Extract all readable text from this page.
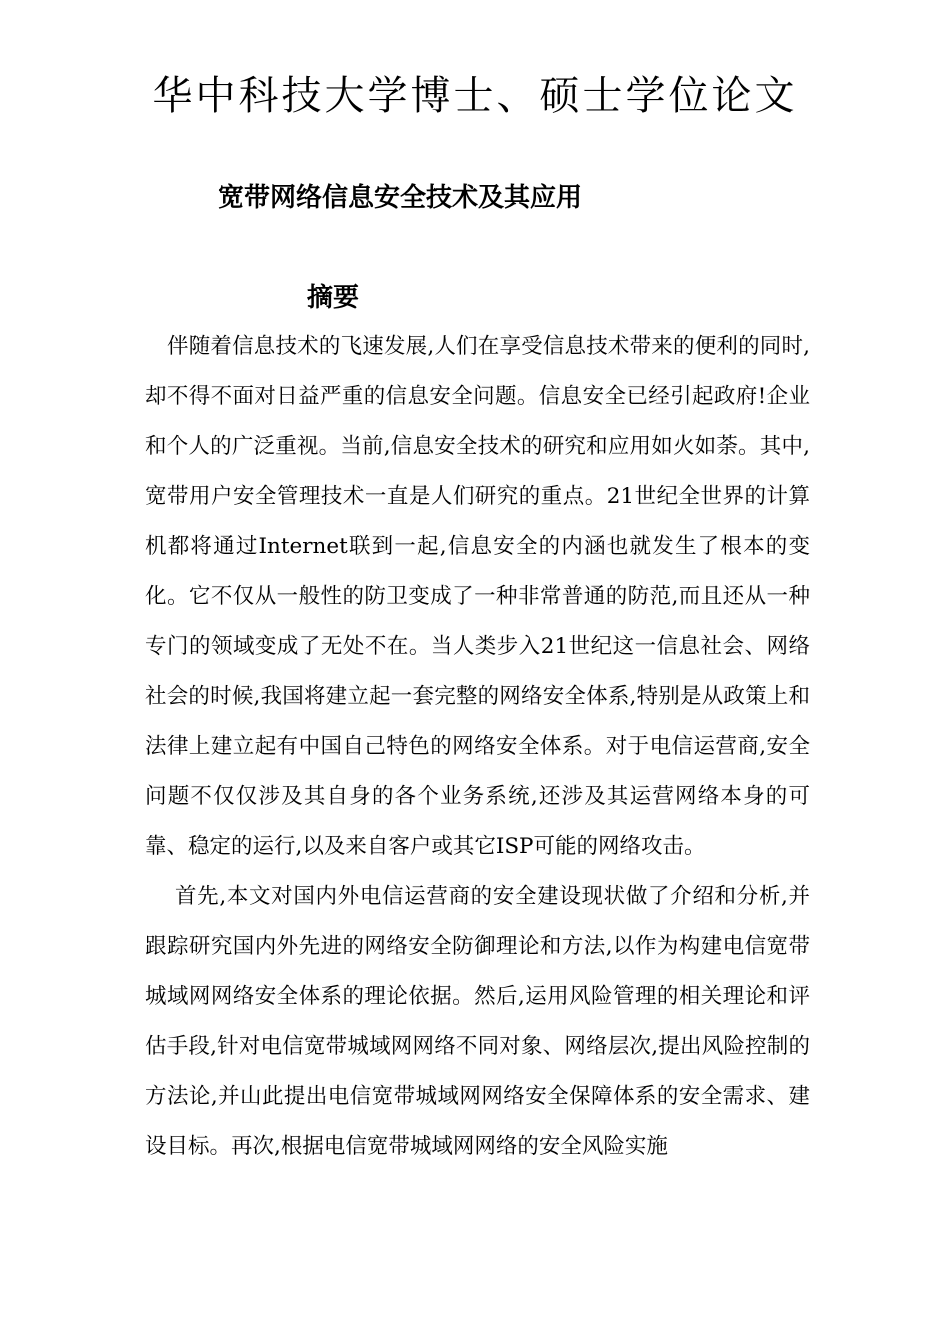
华中科技大学博士、硕士学位论文
宽带网络信息安全技术及其应用
摘要

伴随着信息技术的飞速发展,人们在享受信息技术带来的便利的同时,却不得不面对日益严重的信息安全问题。信息安全已经引起政府!企业和个人的广泛重视。当前,信息安全技术的研究和应用如火如荼。其中,宽带用户安全管理技术一直是人们研究的重点。21世纪全世界的计算机都将通过Internet联到一起,信息安全的内涵也就发生了根本的变化。它不仅从一般性的防卫变成了一种非常普通的防范,而且还从一种专门的领域变成了无处不在。当人类步入21世纪这一信息社会、网络社会的时候,我国将建立起一套完整的网络安全体系,特别是从政策上和法律上建立起有中国自己特色的网络安全体系。对于电信运营商,安全问题不仅仅涉及其自身的各个业务系统,还涉及其运营网络本身的可靠、稳定的运行,以及来自客户或其它ISP可能的网络攻击。

首先,本文对国内外电信运营商的安全建设现状做了介绍和分析,并跟踪研究国内外先进的网络安全防御理论和方法,以作为构建电信宽带城域网网络安全体系的理论依据。然后,运用风险管理的相关理论和评估手段,针对电信宽带城域网网络不同对象、网络层次,提出风险控制的方法论,并山此提出电信宽带城域网网络安全保障体系的安全需求、建设目标。再次,根据电信宽带城域网网络的安全风险实施
